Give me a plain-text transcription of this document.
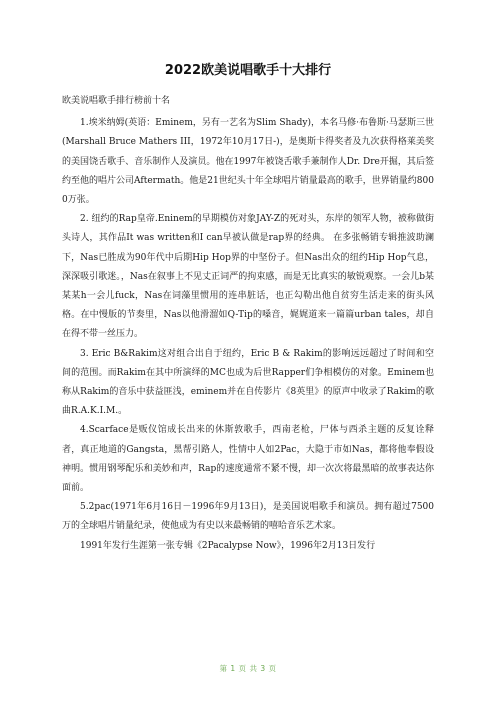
2022欧美说唱歌手十大排行

欧美说唱歌手排行榜前十名

1.埃米纳姆(英语：Eminem，另有一艺名为Slim Shady)，本名马修·布鲁斯·马瑟斯三世(Marshall Bruce Mathers III，1972年10月17日-)，是奥斯卡得奖者及九次获得格莱美奖的美国饶舌歌手、音乐制作人及演员。他在1997年被饶舌歌手兼制作人Dr. Dre开掘，其后签约至他的唱片公司Aftermath。他是21世纪头十年全球唱片销量最高的歌手，世界销量约8000万张。

2. 纽约的Rap皇帝.Eninem的早期模仿对象JAY-Z的死对头，东岸的领军人物，被称做街头诗人，其作品It was written和I can早被认做是rap界的经典。 在多张畅销专辑推波助澜下，Nas已胜成为90年代中后期Hip Hop界的中坚份子。但Nas出众的纽约Hip Hop气息，深深吸引歌迷。，Nas在叙事上不见丈正词严的拘束感，而是无比真实的敏锐观察。一会儿b某某某h一会儿fuck，Nas在词藻里惯用的连串脏话，也正勾勒出他自贫穷生活走来的街头风格。在中慢版的节奏里，Nas以他滑溜如Q-Tip的嗓音，娓娓道来一篇篇urban tales，却自在得不带一丝压力。

3. Eric B&Rakim这对组合出自于纽约，Eric B & Rakim的影响远远超过了时间和空间的范围。而Rakim在其中所演绎的MC也成为后世Rapper们争相模仿的对象。Eminem也称从Rakim的音乐中获益匪浅，eminem并在自传影片《8英里》的原声中收录了Rakim的歌曲R.A.K.I.M.。

4.Scarface是贩仪馆成长出来的休斯敦歌手，西南老枪，尸体与西杀主题的反复诠释者，真正地道的Gangsta，黑帮引路人，性情中人如2Pac，大隐于市如Nas，都将他奉假设神明。惯用钢琴配乐和美妙和声，Rap的速度通常不紧不慢，却一次次将最黑暗的故事表达你面前。

5.2pac(1971年6月16日－1996年9月13日)，是美国说唱歌手和演员。拥有超过7500万的全球唱片销量纪录，使他成为有史以来最畅销的嘻哈音乐艺术家。

1991年发行生涯第一张专辑《2Pacalypse Now》，1996年2月13日发行

第 1 页 共 3 页
